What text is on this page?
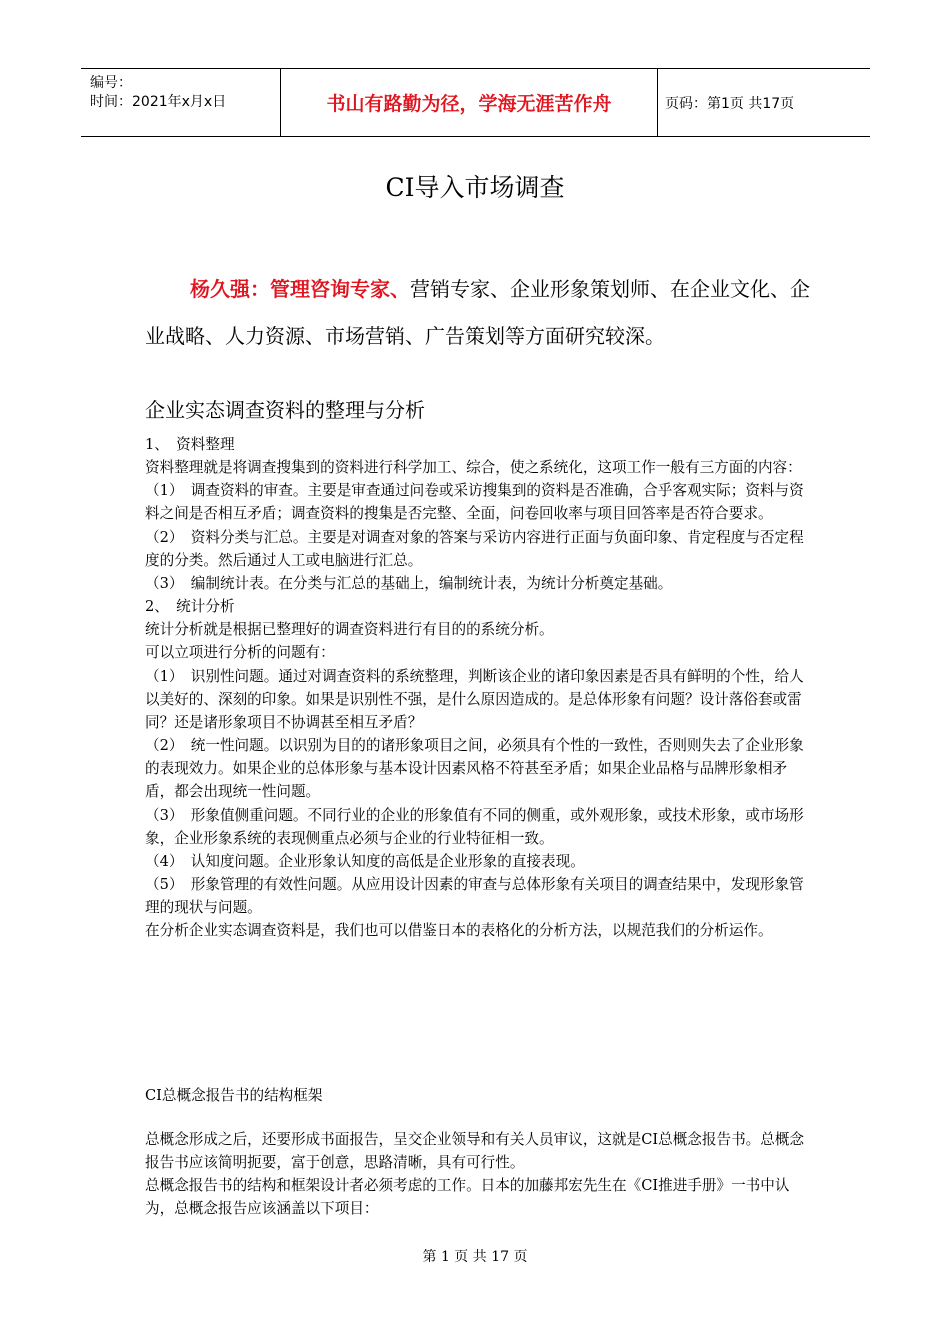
编号：
时间：2021年x月x日	书山有路勤为径，学海无涯苦作舟	页码：第1页 共17页
CI导入市场调查

杨久强：管理咨询专家、营销专家、企业形象策划师、在企业文化、企业战略、人力资源、市场营销、广告策划等方面研究较深。

企业实态调查资料的整理与分析

1、　资料整理

资料整理就是将调查搜集到的资料进行科学加工、综合，使之系统化，这项工作一般有三方面的内容：

（1）　调查资料的审查。主要是审查通过问卷或采访搜集到的资料是否准确，合乎客观实际；资料与资料之间是否相互矛盾；调查资料的搜集是否完整、全面，问卷回收率与项目回答率是否符合要求。

（2）　资料分类与汇总。主要是对调查对象的答案与采访内容进行正面与负面印象、肯定程度与否定程度的分类。然后通过人工或电脑进行汇总。

（3）　编制统计表。在分类与汇总的基础上，编制统计表，为统计分析奠定基础。

2、　统计分析

统计分析就是根据已整理好的调查资料进行有目的的系统分析。

可以立项进行分析的问题有：

（1）　识别性问题。通过对调查资料的系统整理，判断该企业的诸印象因素是否具有鲜明的个性，给人以美好的、深刻的印象。如果是识别性不强，是什么原因造成的。是总体形象有问题？设计落俗套或雷同？还是诸形象项目不协调甚至相互矛盾？

（2）　统一性问题。以识别为目的的诸形象项目之间，必须具有个性的一致性，否则则失去了企业形象的表现效力。如果企业的总体形象与基本设计因素风格不符甚至矛盾；如果企业品格与品牌形象相矛盾，都会出现统一性问题。

（3）　形象值侧重问题。不同行业的企业的形象值有不同的侧重，或外观形象，或技术形象，或市场形象，企业形象系统的表现侧重点必须与企业的行业特征相一致。

（4）　认知度问题。企业形象认知度的高低是企业形象的直接表现。

（5）　形象管理的有效性问题。从应用设计因素的审查与总体形象有关项目的调查结果中，发现形象管理的现状与问题。

在分析企业实态调查资料是，我们也可以借鉴日本的表格化的分析方法，以规范我们的分析运作。

CI总概念报告书的结构框架

总概念形成之后，还要形成书面报告，呈交企业领导和有关人员审议，这就是CI总概念报告书。总概念报告书应该简明扼要，富于创意，思路清晰，具有可行性。

总概念报告书的结构和框架设计者必须考虑的工作。日本的加藤邦宏先生在《CI推进手册》一书中认为，总概念报告应该涵盖以下项目：

第 1 页 共 17 页
